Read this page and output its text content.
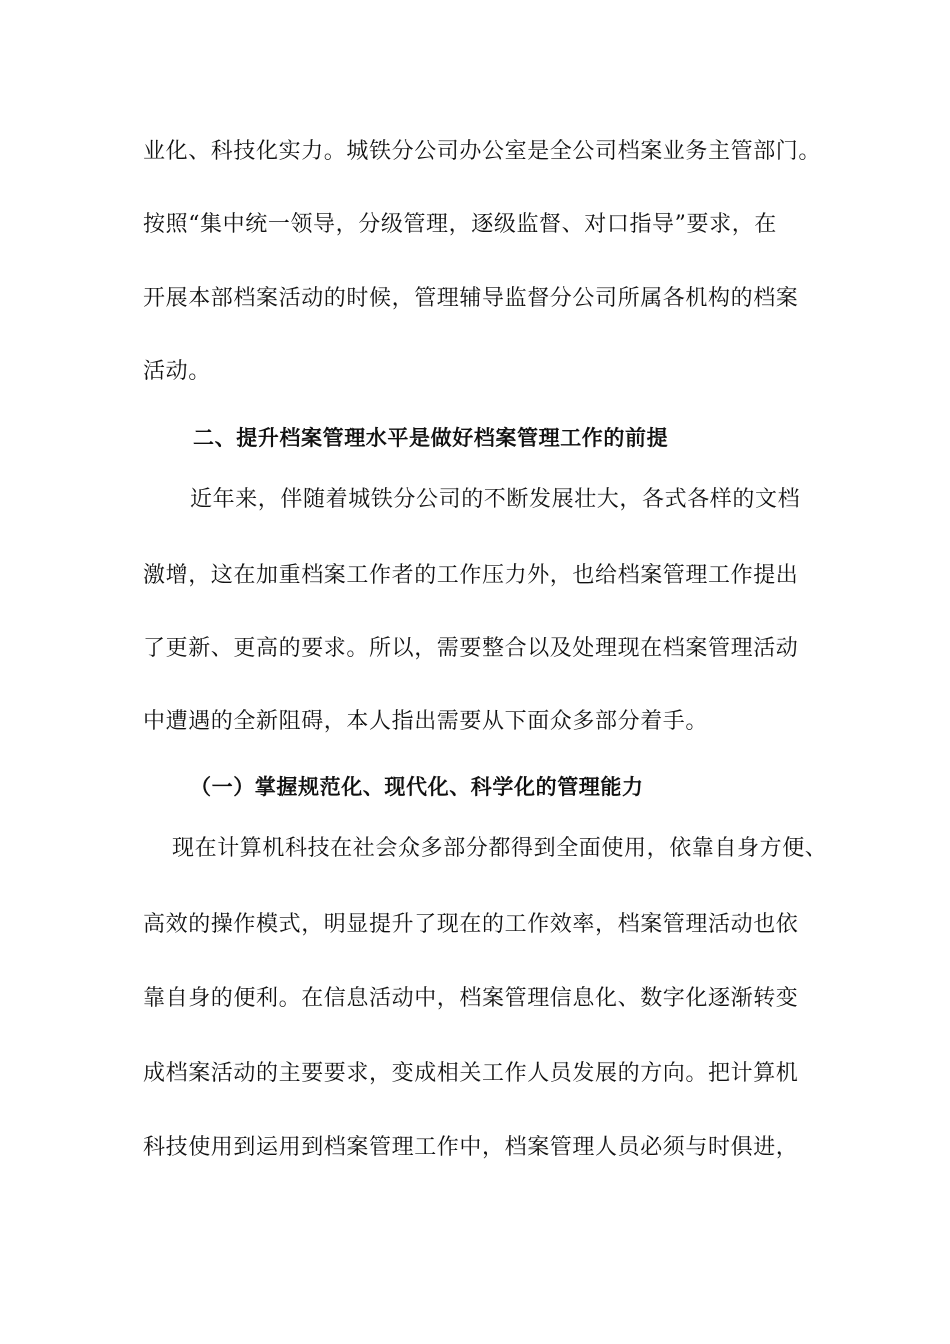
业化、科技化实力。城铁分公司办公室是全公司档案业务主管部门。
按照“集中统一领导，分级管理，逐级监督、对口指导”要求，在
开展本部档案活动的时候，管理辅导监督分公司所属各机构的档案
活动。
二、提升档案管理水平是做好档案管理工作的前提
近年来，伴随着城铁分公司的不断发展壮大，各式各样的文档
激增，这在加重档案工作者的工作压力外，也给档案管理工作提出
了更新、更高的要求。所以，需要整合以及处理现在档案管理活动
中遭遇的全新阻碍，本人指出需要从下面众多部分着手。
（一）掌握规范化、现代化、科学化的管理能力
现在计算机科技在社会众多部分都得到全面使用，依靠自身方便、
高效的操作模式，明显提升了现在的工作效率，档案管理活动也依
靠自身的便利。在信息活动中，档案管理信息化、数字化逐渐转变
成档案活动的主要要求，变成相关工作人员发展的方向。把计算机
科技使用到运用到档案管理工作中，档案管理人员必须与时俱进，
